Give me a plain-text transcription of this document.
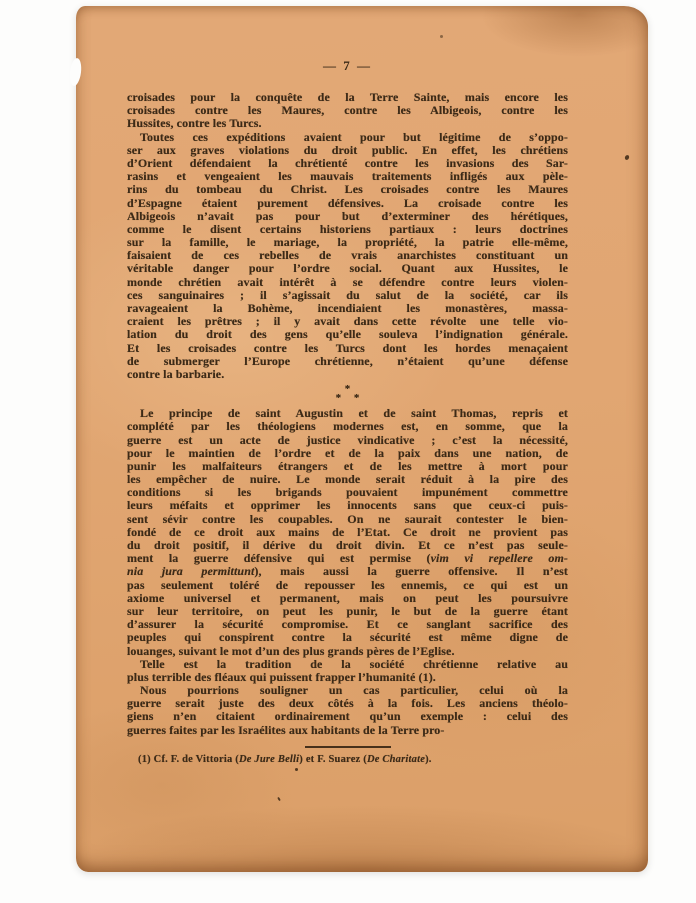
— 7 —
croisades pour la conquête de la Terre Sainte, mais encore les
croisades contre les Maures, contre les Albigeois, contre les
Hussites, contre les Turcs.
Toutes ces expéditions avaient pour but légitime de s’oppo-
ser aux graves violations du droit public. En effet, les chrétiens
d’Orient défendaient la chrétienté contre les invasions des Sar-
rasins et vengeaient les mauvais traitements infligés aux pèle-
rins du tombeau du Christ. Les croisades contre les Maures
d’Espagne étaient purement défensives. La croisade contre les
Albigeois n’avait pas pour but d’exterminer des hérétiques,
comme le disent certains historiens partiaux : leurs doctrines
sur la famille, le mariage, la propriété, la patrie elle-même,
faisaient de ces rebelles de vrais anarchistes constituant un
véritable danger pour l’ordre social. Quant aux Hussites, le
monde chrétien avait intérêt à se défendre contre leurs violen-
ces sanguinaires ; il s’agissait du salut de la société, car ils
ravageaient la Bohème, incendiaient les monastères, massa-
craient les prêtres ; il y avait dans cette révolte une telle vio-
lation du droit des gens qu’elle souleva l’indignation générale.
Et les croisades contre les Turcs dont les hordes menaçaient
de submerger l’Europe chrétienne, n’étaient qu’une défense
contre la barbarie.
*
* *
Le principe de saint Augustin et de saint Thomas, repris et
complété par les théologiens modernes est, en somme, que la
guerre est un acte de justice vindicative ; c’est la nécessité,
pour le maintien de l’ordre et de la paix dans une nation, de
punir les malfaiteurs étrangers et de les mettre à mort pour
les empêcher de nuire. Le monde serait réduit à la pire des
conditions si les brigands pouvaient impunément commettre
leurs méfaits et opprimer les innocents sans que ceux-ci puis-
sent sévir contre les coupables. On ne saurait contester le bien-
fondé de ce droit aux mains de l’Etat. Ce droit ne provient pas
du droit positif, il dérive du droit divin. Et ce n’est pas seule-
ment la guerre défensive qui est permise (vim vi repellere om-
nia jura permittunt), mais aussi la guerre offensive. Il n’est
pas seulement toléré de repousser les ennemis, ce qui est un
axiome universel et permanent, mais on peut les poursuivre
sur leur territoire, on peut les punir, le but de la guerre étant
d’assurer la sécurité compromise. Et ce sanglant sacrifice des
peuples qui conspirent contre la sécurité est même digne de
louanges, suivant le mot d’un des plus grands pères de l’Eglise.
Telle est la tradition de la société chrétienne relative au
plus terrible des fléaux qui puissent frapper l’humanité (1).
Nous pourrions souligner un cas particulier, celui où la
guerre serait juste des deux côtés à la fois. Les anciens théolo-
giens n’en citaient ordinairement qu’un exemple : celui des
guerres faites par les Israélites aux habitants de la Terre pro-
(1) Cf. F. de Vittoria (De Jure Belli) et F. Suarez (De Charitate).
